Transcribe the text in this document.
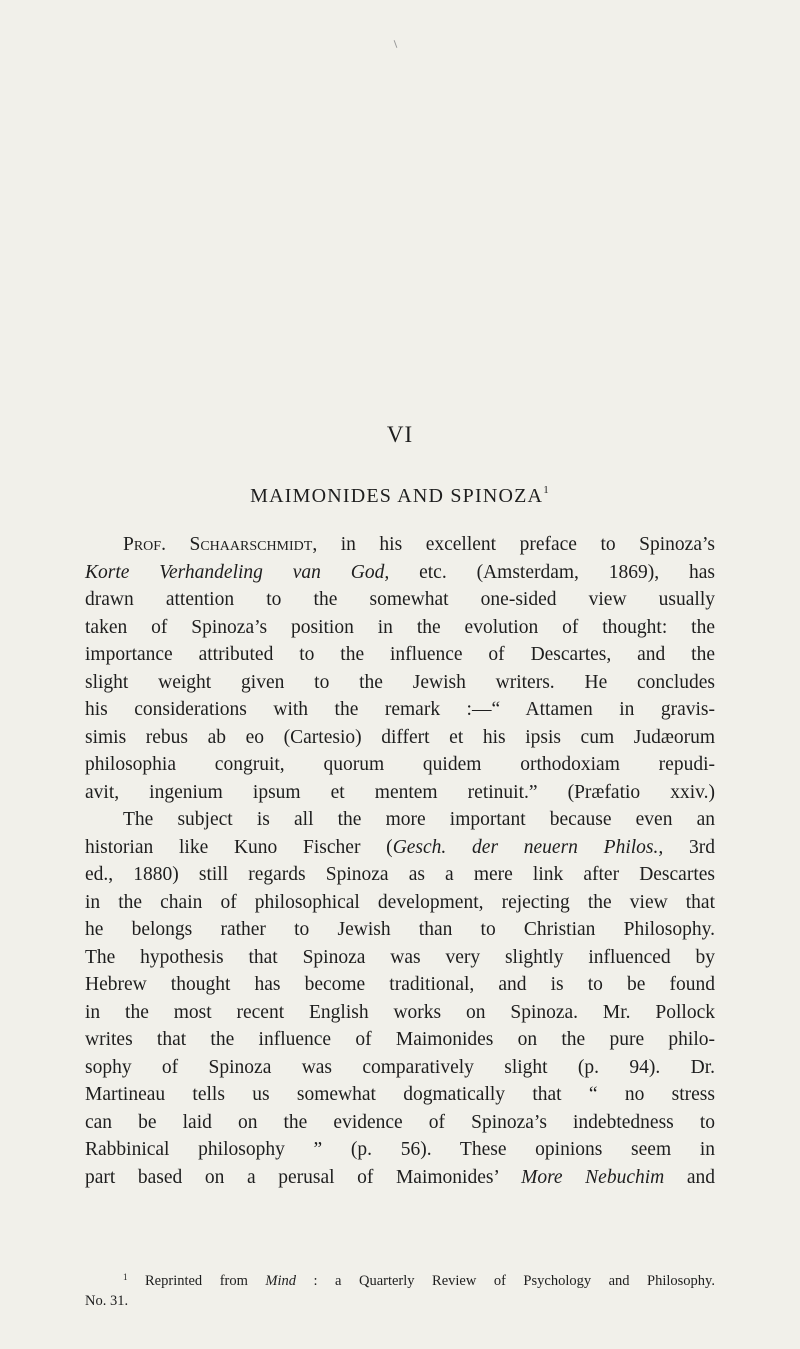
VI
MAIMONIDES AND SPINOZA$^1$
Prof. Schaarschmidt, in his excellent preface to Spinoza’s
Korte Verhandeling van God, etc. (Amsterdam, 1869), has
drawn attention to the somewhat one-sided view usually
taken of Spinoza’s position in the evolution of thought: the
importance attributed to the influence of Descartes, and the
slight weight given to the Jewish writers. He concludes
his considerations with the remark :—“ Attamen in gravis-
simis rebus ab eo (Cartesio) differt et his ipsis cum Judæorum
philosophia congruit, quorum quidem orthodoxiam repudi-
avit, ingenium ipsum et mentem retinuit.” (Præfatio xxiv.)
The subject is all the more important because even an
historian like Kuno Fischer (Gesch. der neuern Philos., 3rd
ed., 1880) still regards Spinoza as a mere link after Descartes
in the chain of philosophical development, rejecting the view that
he belongs rather to Jewish than to Christian Philosophy.
The hypothesis that Spinoza was very slightly influenced by
Hebrew thought has become traditional, and is to be found
in the most recent English works on Spinoza. Mr. Pollock
writes that the influence of Maimonides on the pure philo-
sophy of Spinoza was comparatively slight (p. 94). Dr.
Martineau tells us somewhat dogmatically that “ no stress
can be laid on the evidence of Spinoza’s indebtedness to
Rabbinical philosophy ” (p. 56). These opinions seem in
part based on a perusal of Maimonides’ More Nebuchim and
$^1$ Reprinted from Mind : a Quarterly Review of Psychology and Philosophy.
No. 31.
